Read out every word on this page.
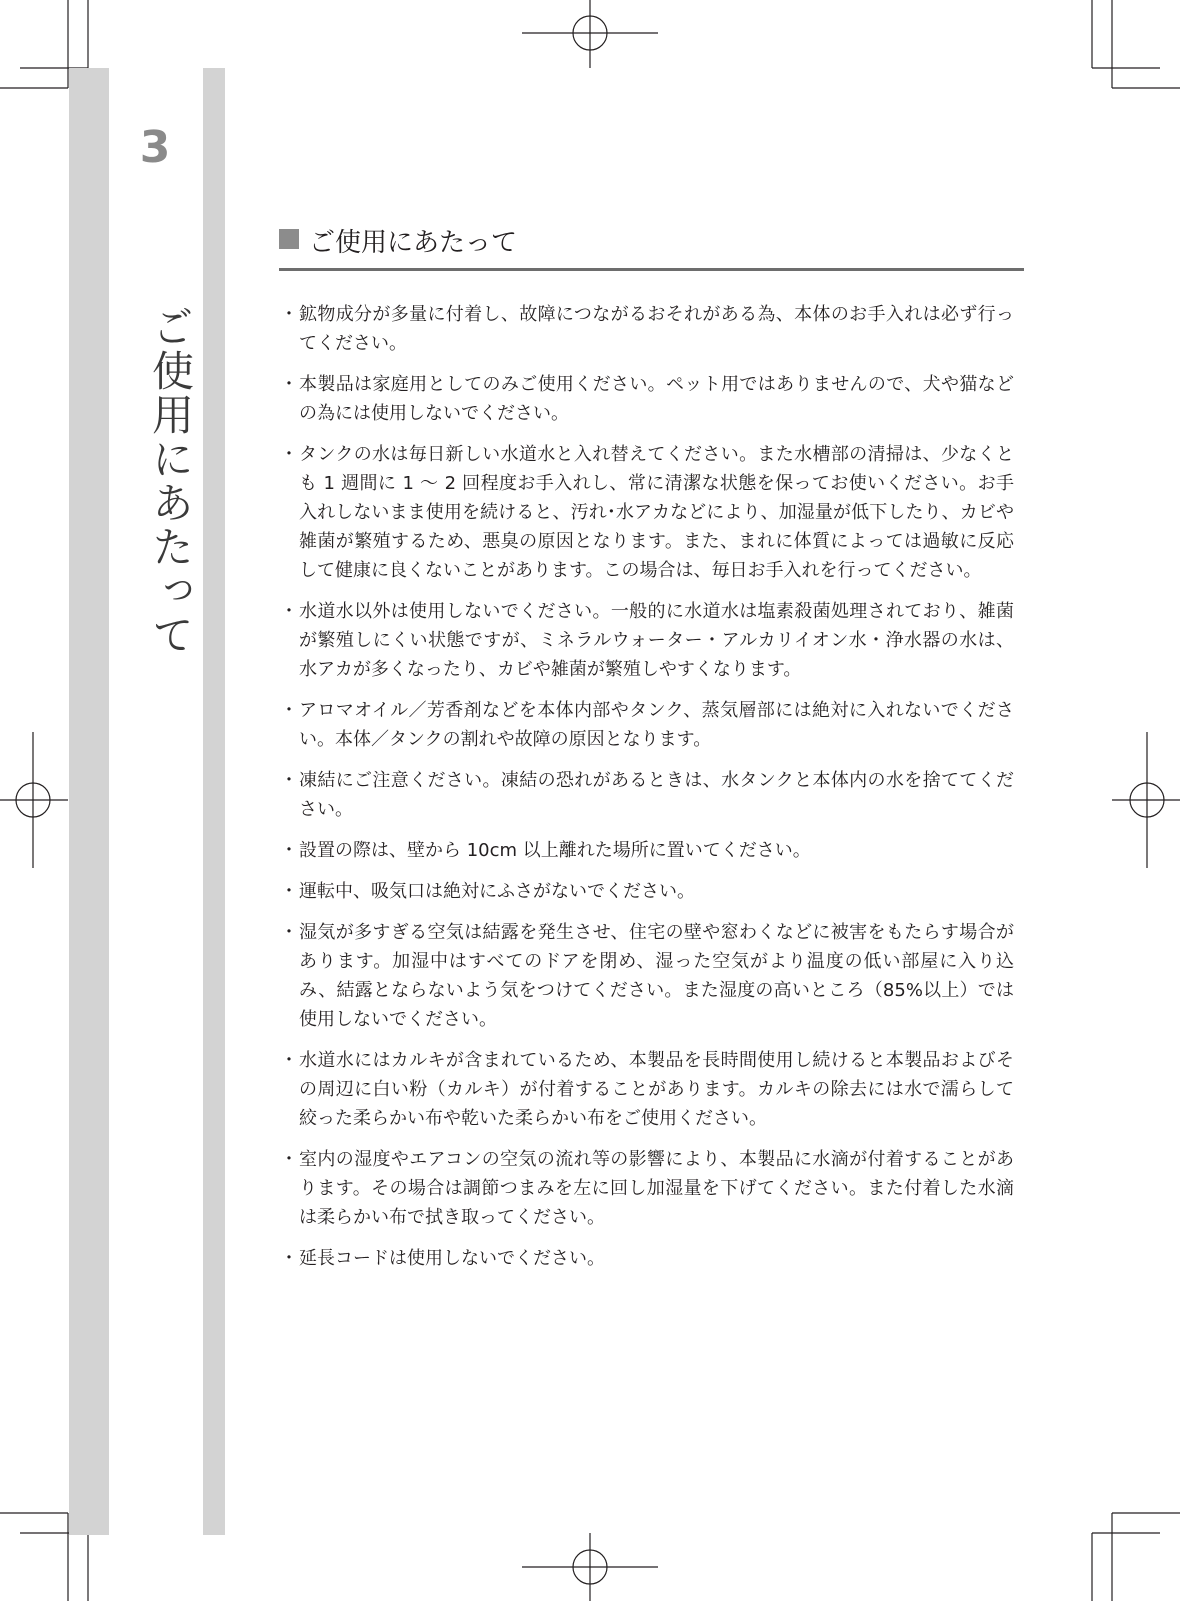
3
ご使用にあたって
ご使用にあたって
・ 鉱物成分が多量に付着し、故障につながるおそれがある為、本体のお手入れは必ず行ってください。
・ 本製品は家庭用としてのみご使用ください。ペット用ではありませんので、犬や猫などの為には使用しないでください。
・ タンクの水は毎日新しい水道水と入れ替えてください。また水槽部の清掃は、少なくとも 1 週間に 1 ～ 2 回程度お手入れし、常に清潔な状態を保ってお使いください。お手入れしないまま使用を続けると、汚れ･水アカなどにより、加湿量が低下したり、カビや雑菌が繁殖するため、悪臭の原因となります。また、まれに体質によっては過敏に反応して健康に良くないことがあります。この場合は、毎日お手入れを行ってください。
・ 水道水以外は使用しないでください。一般的に水道水は塩素殺菌処理されており、雑菌が繁殖しにくい状態ですが、ミネラルウォーター・アルカリイオン水・浄水器の水は、水アカが多くなったり、カビや雑菌が繁殖しやすくなります。
・ アロマオイル／芳香剤などを本体内部やタンク、蒸気層部には絶対に入れないでください。本体／タンクの割れや故障の原因となります。
・ 凍結にご注意ください。凍結の恐れがあるときは、水タンクと本体内の水を捨ててください。
・ 設置の際は、壁から 10cm 以上離れた場所に置いてください。
・ 運転中、吸気口は絶対にふさがないでください。
・ 湿気が多すぎる空気は結露を発生させ、住宅の壁や窓わくなどに被害をもたらす場合があります。加湿中はすべてのドアを閉め、湿った空気がより温度の低い部屋に入り込み、結露とならないよう気をつけてください。また湿度の高いところ（85%以上）では使用しないでください。
・ 水道水にはカルキが含まれているため、本製品を長時間使用し続けると本製品およびその周辺に白い粉（カルキ）が付着することがあります。カルキの除去には水で濡らして絞った柔らかい布や乾いた柔らかい布をご使用ください。
・ 室内の湿度やエアコンの空気の流れ等の影響により、本製品に水滴が付着することがあります。その場合は調節つまみを左に回し加湿量を下げてください。また付着した水滴は柔らかい布で拭き取ってください。
・ 延長コードは使用しないでください。
